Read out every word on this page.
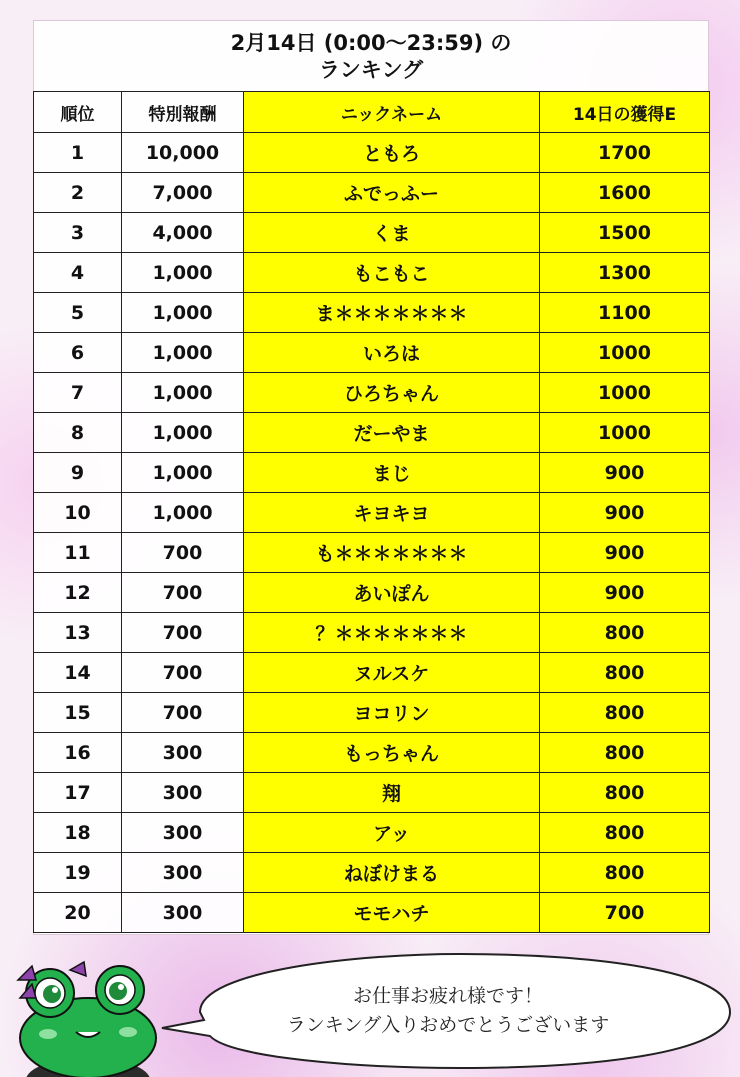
2月14日 (0:00〜23:59) の
ランキング
順位	特別報酬	ニックネーム	14日の獲得E
1	10,000	ともろ	1700
2	7,000	ふでっふー	1600
3	4,000	くま	1500
4	1,000	もこもこ	1300
5	1,000	ま＊＊＊＊＊＊＊	1100
6	1,000	いろは	1000
7	1,000	ひろちゃん	1000
8	1,000	だーやま	1000
9	1,000	まじ	900
10	1,000	キヨキヨ	900
11	700	も＊＊＊＊＊＊＊	900
12	700	あいぽん	900
13	700	？＊＊＊＊＊＊＊	800
14	700	ヌルスケ	800
15	700	ヨコリン	800
16	300	もっちゃん	800
17	300	翔	800
18	300	アッ	800
19	300	ねぼけまる	800
20	300	モモハチ	700
お仕事お疲れ様です！
ランキング入りおめでとうございます
